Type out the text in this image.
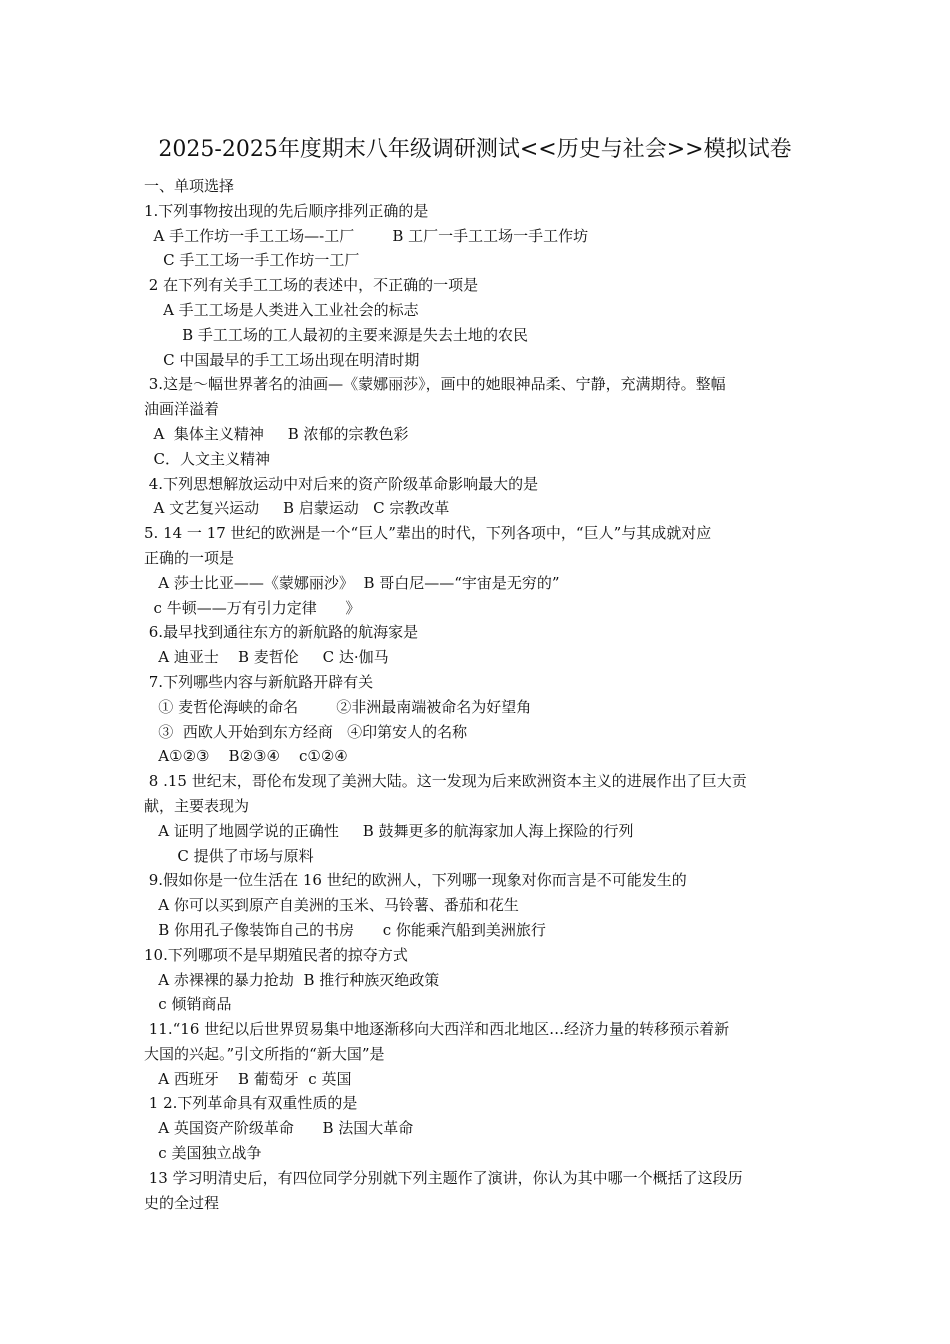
2025-2025年度期末八年级调研测试<<历史与社会>>模拟试卷
一、单项选择
1.下列事物按出现的先后顺序排列正确的是
A 手工作坊一手工工场—-工厂        B 工厂一手工工场一手工作坊
C 手工工场一手工作坊一工厂
2 在下列有关手工工场的表述中，不正确的一项是
A 手工工场是人类进入工业社会的标志
B 手工工场的工人最初的主要来源是失去土地的农民
C 中国最早的手工工场出现在明清时期
3.这是～幅世界著名的油画—《蒙娜丽莎》，画中的她眼神品柔、宁静，充满期待。整幅
油画洋溢着
A  集体主义精神     B 浓郁的宗教色彩
C．人文主义精神
4.下列思想解放运动中对后来的资产阶级革命影响最大的是
A 文艺复兴运动     B 启蒙运动   C 宗教改革
5. 14 一 17 世纪的欧洲是一个“巨人”辈出的时代，下列各项中，“巨人”与其成就对应
正确的一项是
A 莎士比亚——《蒙娜丽沙》  B 哥白尼——“宇宙是无穷的”
c 牛顿——万有引力定律      》
6.最早找到通往东方的新航路的航海家是
A 迪亚士    B 麦哲伦     C 达·伽马
7.下列哪些内容与新航路开辟有关
① 麦哲伦海峡的命名        ②非洲最南端被命名为好望角
③  西欧人开始到东方经商   ④印第安人的名称
A①②③    B②③④    c①②④
8 .15 世纪末，哥伦布发现了美洲大陆。这一发现为后来欧洲资本主义的进展作出了巨大贡
献，主要表现为
A 证明了地圆学说的正确性     B 鼓舞更多的航海家加人海上探险的行列
C 提供了市场与原料
9.假如你是一位生活在 16 世纪的欧洲人，下列哪一现象对你而言是不可能发生的
A 你可以买到原产自美洲的玉米、马铃薯、番茄和花生
B 你用孔子像装饰自己的书房      c 你能乘汽船到美洲旅行
10.下列哪项不是早期殖民者的掠夺方式
A 赤裸裸的暴力抢劫  B 推行种族灭绝政策
c 倾销商品
11.“16 世纪以后世界贸易集中地逐渐移向大西洋和西北地区…经济力量的转移预示着新
大国的兴起。”引文所指的“新大国”是
A 西班牙    B 葡萄牙  c 英国
1 2.下列革命具有双重性质的是
A 英国资产阶级革命      B 法国大革命
c 美国独立战争
13 学习明清史后，有四位同学分别就下列主题作了演讲，你认为其中哪一个概括了这段历
史的全过程
